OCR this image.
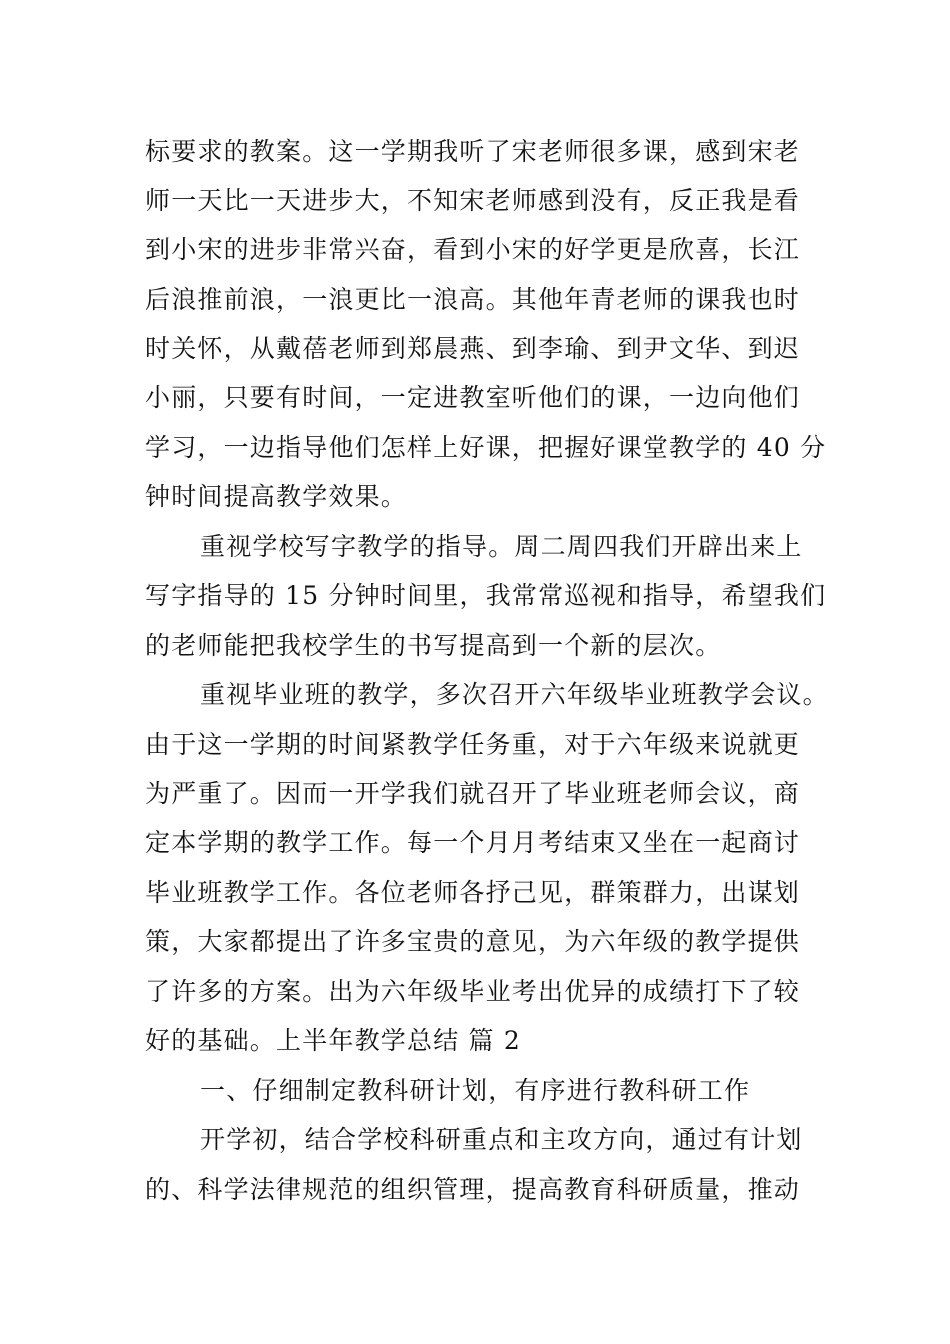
标要求的教案。这一学期我听了宋老师很多课，感到宋老
师一天比一天进步大，不知宋老师感到没有，反正我是看
到小宋的进步非常兴奋，看到小宋的好学更是欣喜，长江
后浪推前浪，一浪更比一浪高。其他年青老师的课我也时
时关怀，从戴蓓老师到郑晨燕、到李瑜、到尹文华、到迟
小丽，只要有时间，一定进教室听他们的课，一边向他们
学习，一边指导他们怎样上好课，把握好课堂教学的 40 分
钟时间提高教学效果。
重视学校写字教学的指导。周二周四我们开辟出来上
写字指导的 15 分钟时间里，我常常巡视和指导，希望我们
的老师能把我校学生的书写提高到一个新的层次。
重视毕业班的教学，多次召开六年级毕业班教学会议。
由于这一学期的时间紧教学任务重，对于六年级来说就更
为严重了。因而一开学我们就召开了毕业班老师会议，商
定本学期的教学工作。每一个月月考结束又坐在一起商讨
毕业班教学工作。各位老师各抒己见，群策群力，出谋划
策，大家都提出了许多宝贵的意见，为六年级的教学提供
了许多的方案。出为六年级毕业考出优异的成绩打下了较
好的基础。上半年教学总结 篇 2
一、仔细制定教科研计划，有序进行教科研工作
开学初，结合学校科研重点和主攻方向，通过有计划
的、科学法律规范的组织管理，提高教育科研质量，推动
